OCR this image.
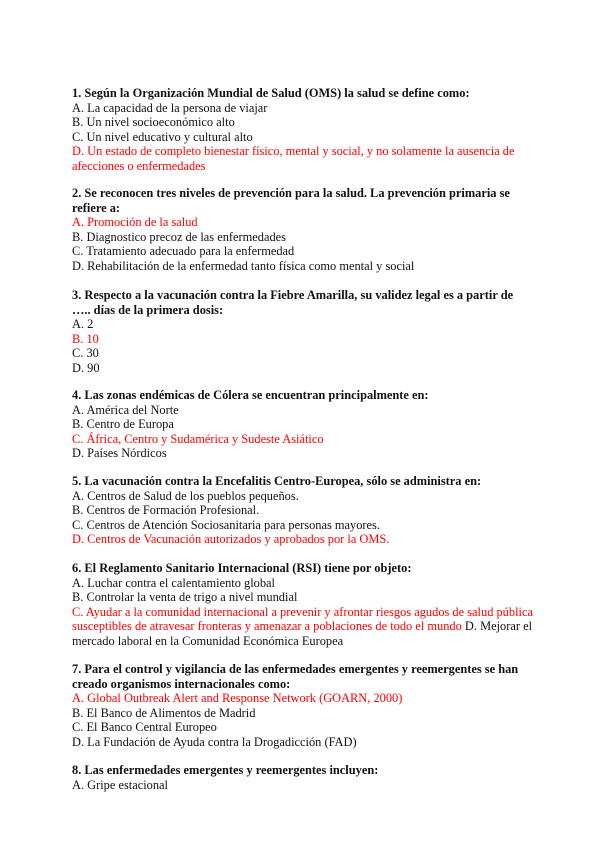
1. Según la Organización Mundial de Salud (OMS) la salud se define como:
A. La capacidad de la persona de viajar
B. Un nivel socioeconómico alto
C. Un nivel educativo y cultural alto
D. Un estado de completo bienestar físico, mental y social, y no solamente la ausencia de afecciones o enfermedades
2. Se reconocen tres niveles de prevención para la salud. La prevención primaria se refiere a:
A. Promoción de la salud
B. Diagnostico precoz de las enfermedades
C. Tratamiento adecuado para la enfermedad
D. Rehabilitación de la enfermedad tanto física como mental y social
3. Respecto a la vacunación contra la Fiebre Amarilla, su validez legal es a partir de ….. días de la primera dosis:
A. 2
B. 10
C. 30
D. 90
4. Las zonas endémicas de Cólera se encuentran principalmente en:
A. América del Norte
B. Centro de Europa
C. África, Centro y Sudamérica y Sudeste Asiático
D. Países Nórdicos
5. La vacunación contra la Encefalitis Centro-Europea, sólo se administra en:
A. Centros de Salud de los pueblos pequeños.
B. Centros de Formación Profesional.
C. Centros de Atención Sociosanitaria para personas mayores.
D. Centros de Vacunación autorizados y aprobados por la OMS.
6. El Reglamento Sanitario Internacional (RSI) tiene por objeto:
A. Luchar contra el calentamiento global
B. Controlar la venta de trigo a nivel mundial
C. Ayudar a la comunidad internacional a prevenir y afrontar riesgos agudos de salud pública susceptibles de atravesar fronteras y amenazar a poblaciones de todo el mundo D. Mejorar el mercado laboral en la Comunidad Económica Europea
7. Para el control y vigilancia de las enfermedades emergentes y reemergentes se han creado organismos internacionales como:
A. Global Outbreak Alert and Response Network (GOARN, 2000)
B. El Banco de Alimentos de Madrid
C. El Banco Central Europeo
D. La Fundación de Ayuda contra la Drogadicción (FAD)
8. Las enfermedades emergentes y reemergentes incluyen:
A. Gripe estacional
